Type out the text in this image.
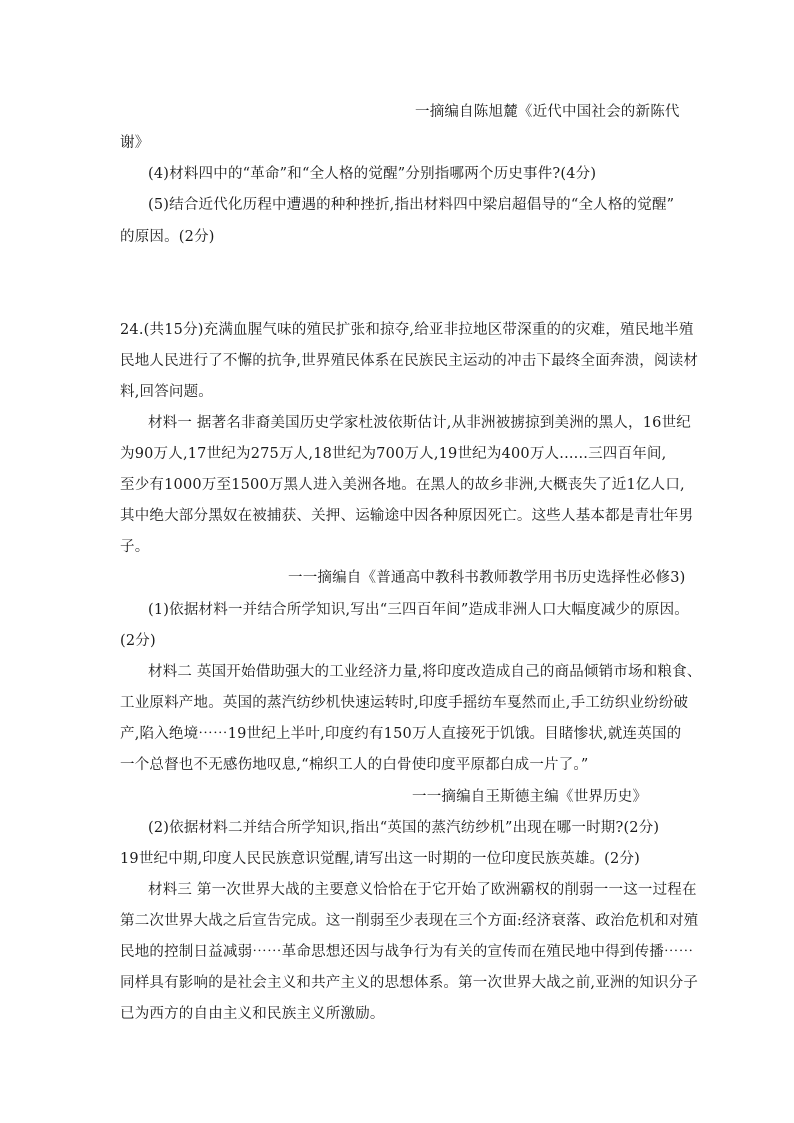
一摘编自陈旭麓《近代中国社会的新陈代
谢》
(4)材料四中的“革命”和“全人格的觉醒”分别指哪两个历史事件?(4分)
(5)结合近代化历程中遭遇的种种挫折,指出材料四中梁启超倡导的“全人格的觉醒”
的原因。(2分)
24.(共15分)充满血腥气味的殖民扩张和掠夺,给亚非拉地区带深重的的灾难，殖民地半殖
民地人民进行了不懈的抗争,世界殖民体系在民族民主运动的冲击下最终全面奔溃，阅读材
料,回答问题。
材料一 据著名非裔美国历史学家杜波依斯估计,从非洲被掳掠到美洲的黑人，16世纪
为90万人,17世纪为275万人,18世纪为700万人,19世纪为400万人......三四百年间,
至少有1000万至1500万黑人进入美洲各地。在黑人的故乡非洲,大概丧失了近1亿人口,
其中绝大部分黑奴在被捕获、关押、运输途中因各种原因死亡。这些人基本都是青壮年男
子。
一一摘编自《普通高中教科书教师教学用书历史选择性必修3)
(1)依据材料一并结合所学知识,写出“三四百年间”造成非洲人口大幅度减少的原因。
(2分)
材料二 英国开始借助强大的工业经济力量,将印度改造成自己的商品倾销市场和粮食、
工业原料产地。英国的蒸汽纺纱机快速运转时,印度手摇纺车戛然而止,手工纺织业纷纷破
产,陷入绝境⋯⋯19世纪上半叶,印度约有150万人直接死于饥饿。目睹惨状,就连英国的
一个总督也不无感伤地叹息,“棉织工人的白骨使印度平原都白成一片了。”
一一摘编自王斯德主编《世界历史》
(2)依据材料二并结合所学知识,指出“英国的蒸汽纺纱机”出现在哪一时期?(2分)
19世纪中期,印度人民民族意识觉醒,请写出这一时期的一位印度民族英雄。(2分)
材料三 第一次世界大战的主要意义恰恰在于它开始了欧洲霸权的削弱一一这一过程在
第二次世界大战之后宣告完成。这一削弱至少表现在三个方面:经济衰落、政治危机和对殖
民地的控制日益减弱⋯⋯革命思想还因与战争行为有关的宣传而在殖民地中得到传播⋯⋯
同样具有影响的是社会主义和共产主义的思想体系。第一次世界大战之前,亚洲的知识分子
已为西方的自由主义和民族主义所激励。
